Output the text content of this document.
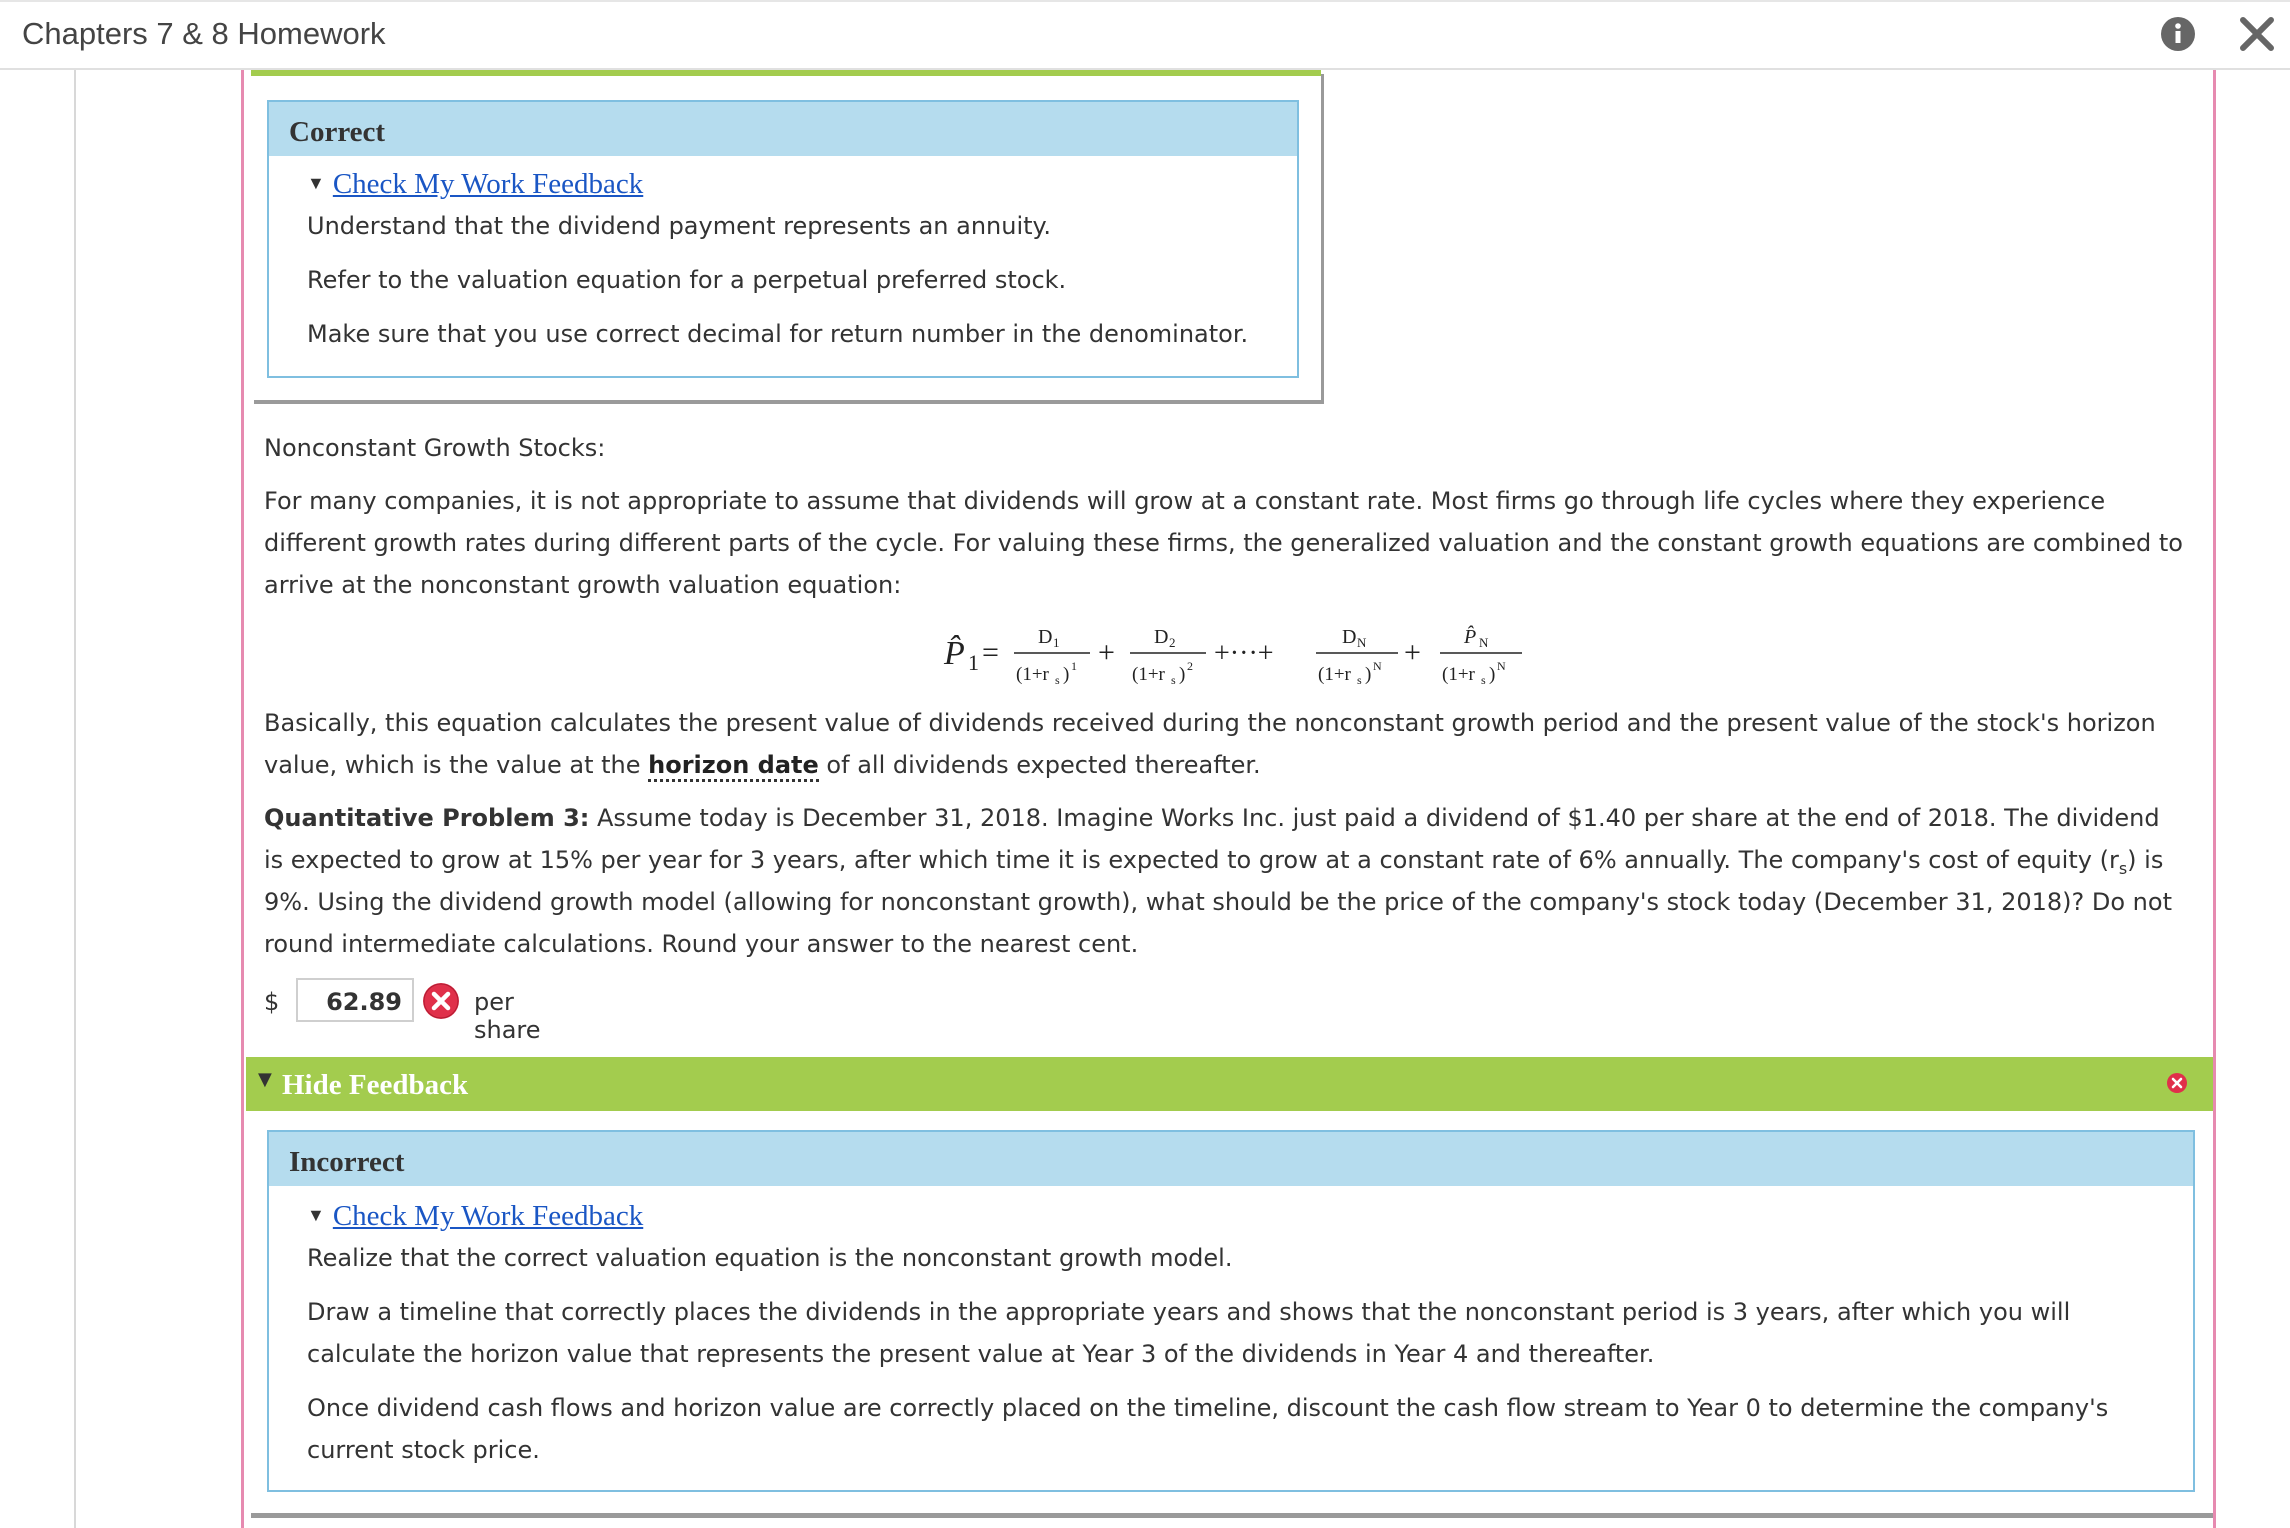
Chapters 7 & 8 Homework
Correct
▼ Check My Work Feedback
Understand that the dividend payment represents an annuity.
Refer to the valuation equation for a perpetual preferred stock.
Make sure that you use correct decimal for return number in the denominator.
Nonconstant Growth Stocks:
For many companies, it is not appropriate to assume that dividends will grow at a constant rate. Most firms go through life cycles where they experience
different growth rates during different parts of the cycle. For valuing these firms, the generalized valuation and the constant growth equations are combined to
arrive at the nonconstant growth valuation equation:
P̂ 1 = D 1
(1+r s ) 1 + D 2
(1+r s ) 2 +···+
D N
(1+r s ) N + P̂ N
(1+r s ) N
Basically, this equation calculates the present value of dividends received during the nonconstant growth period and the present value of the stock's horizon
value, which is the value at the horizon date of all dividends expected thereafter.
Quantitative Problem 3: Assume today is December 31, 2018. Imagine Works Inc. just paid a dividend of $1.40 per share at the end of 2018. The dividend
is expected to grow at 15% per year for 3 years, after which time it is expected to grow at a constant rate of 6% annually. The company's cost of equity $(r_s)$ is
9%. Using the dividend growth model (allowing for nonconstant growth), what should be the price of the company's stock today (December 31, 2018)? Do not
round intermediate calculations. Round your answer to the nearest cent.
$	62.89	per share
▼ Hide Feedback
Incorrect
▼ Check My Work Feedback
Realize that the correct valuation equation is the nonconstant growth model.
Draw a timeline that correctly places the dividends in the appropriate years and shows that the nonconstant period is 3 years, after which you will
calculate the horizon value that represents the present value at Year 3 of the dividends in Year 4 and thereafter.
Once dividend cash flows and horizon value are correctly placed on the timeline, discount the cash flow stream to Year 0 to determine the company's
current stock price.
